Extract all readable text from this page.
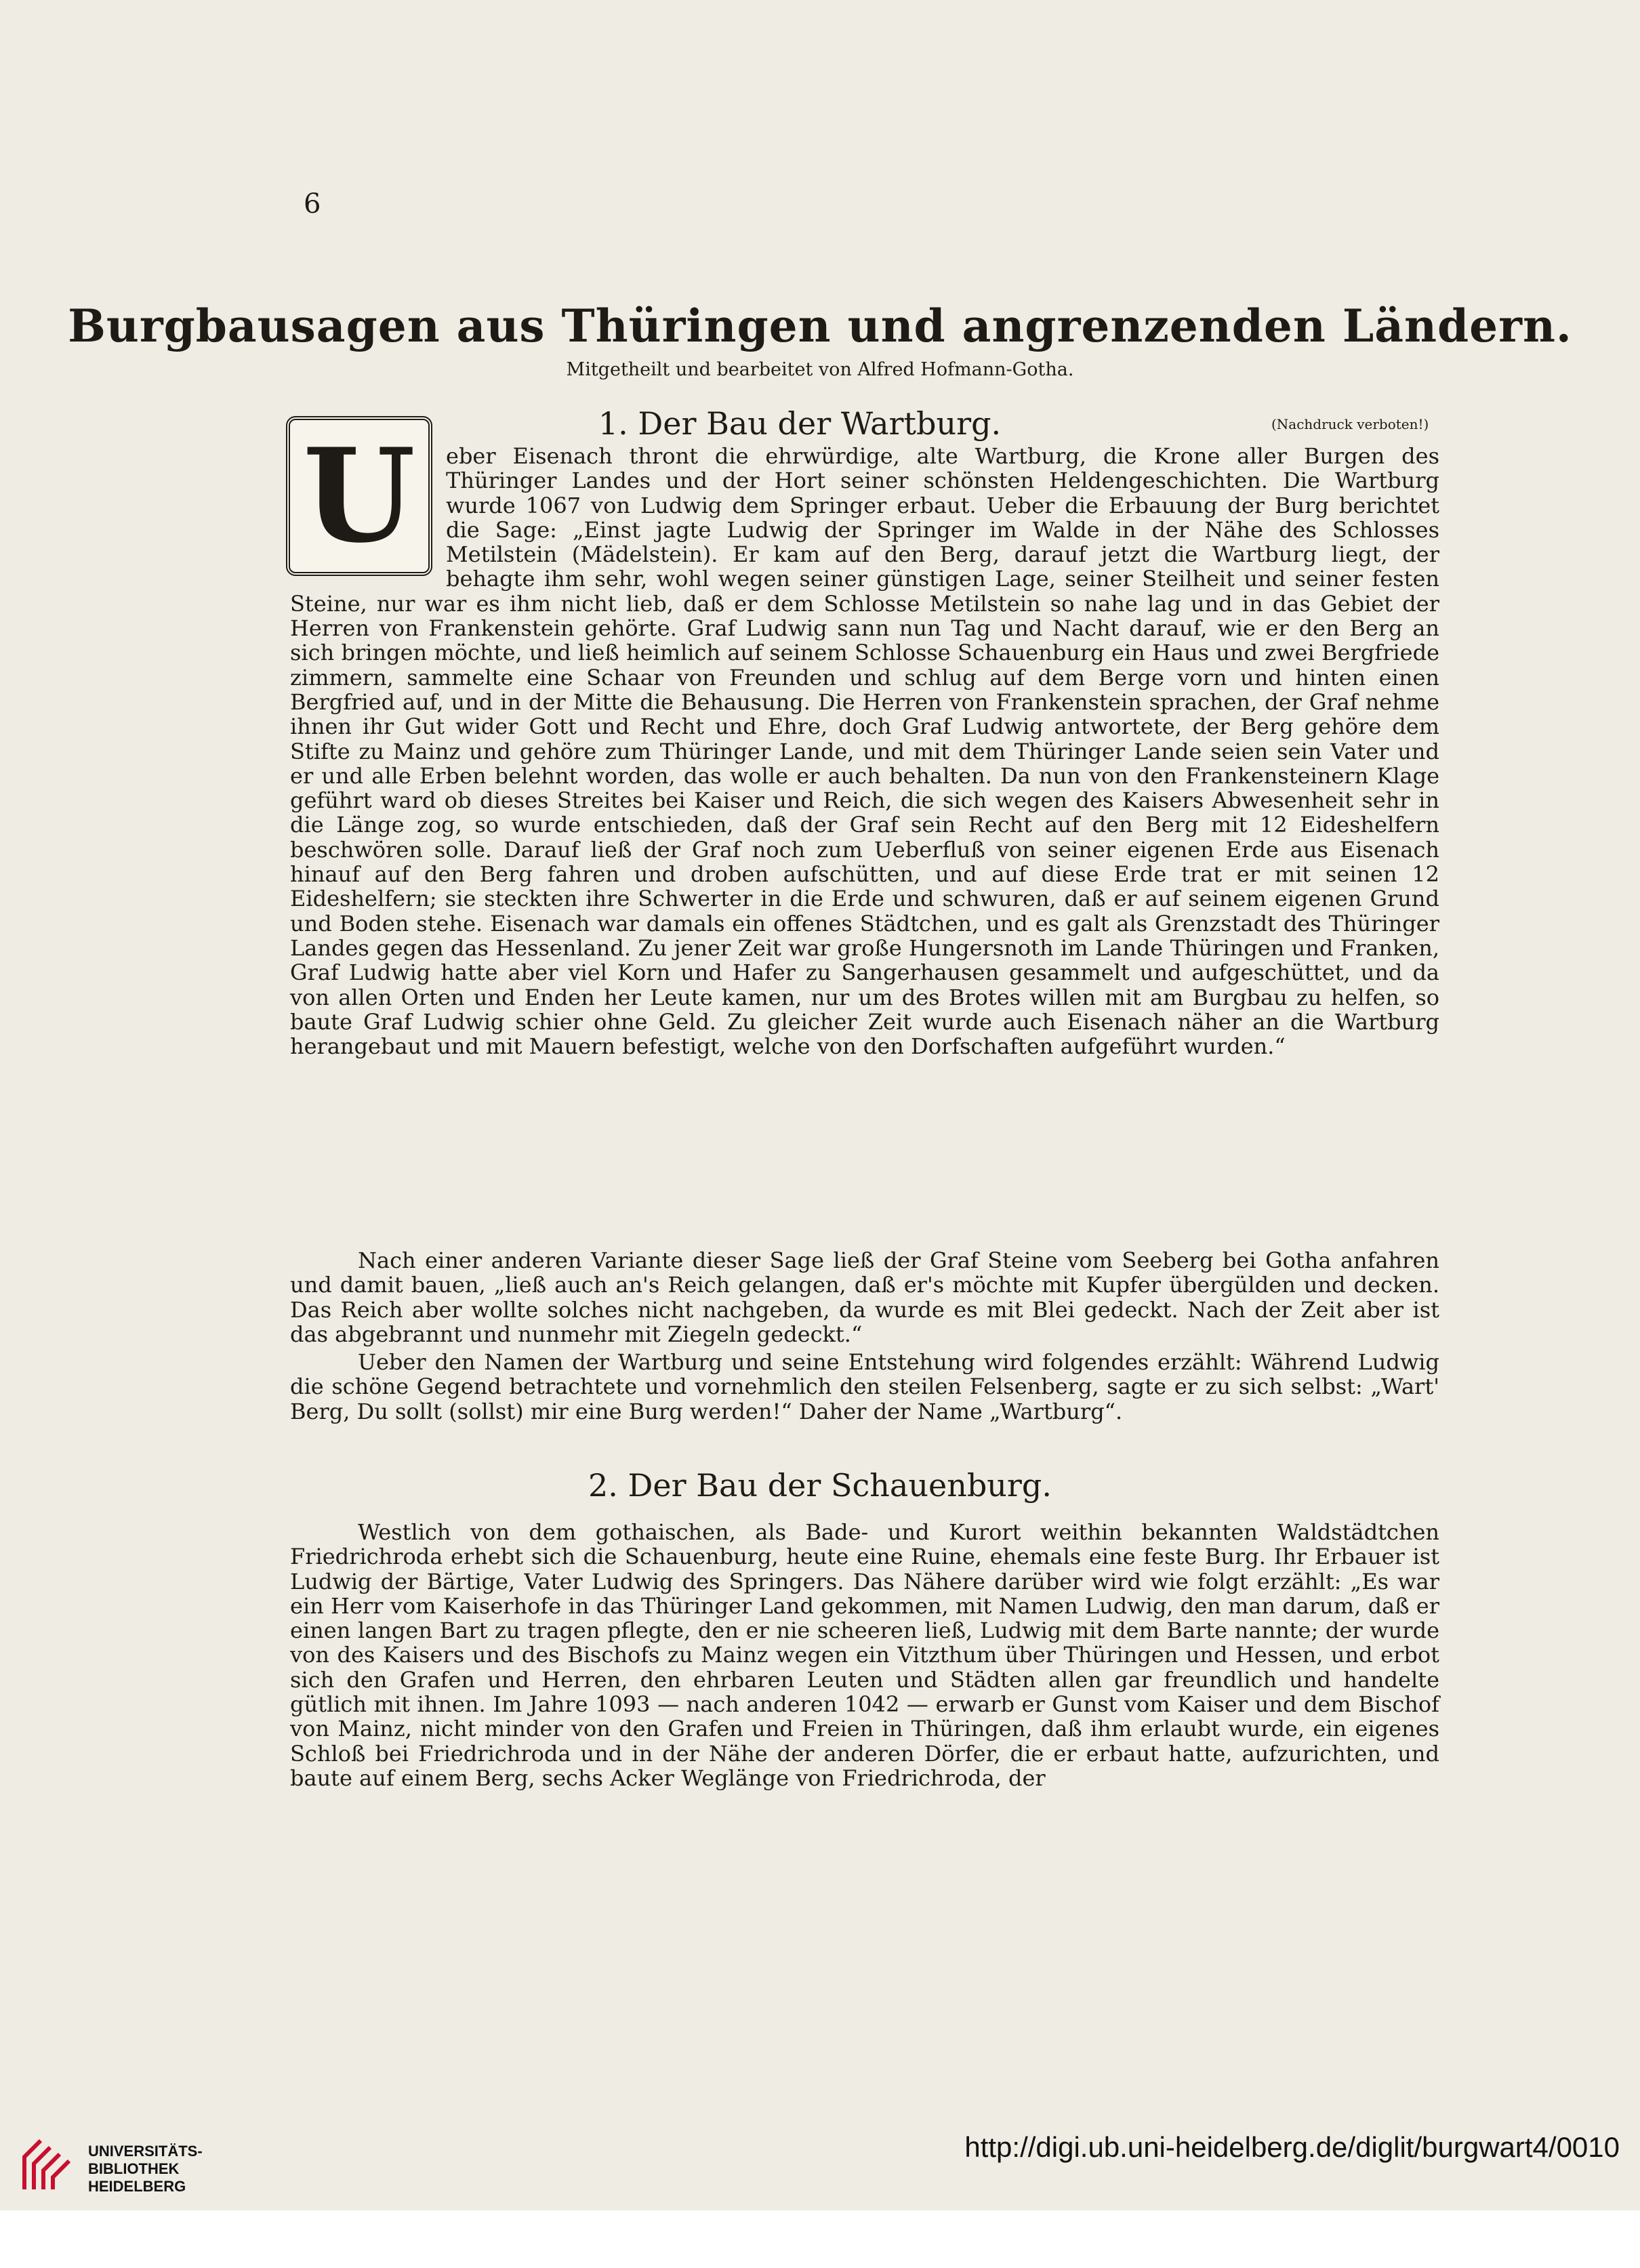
6
Burgbausagen aus Thüringen und angrenzenden Ländern.
Mitgetheilt und bearbeitet von Alfred Hofmann-Gotha.
1. Der Bau der Wartburg.	(Nachdruck verboten!)
U	eber Eisenach thront die ehrwürdige, alte Wartburg, die Krone aller Burgen des Thüringer Landes und der Hort seiner schönsten Heldengeschichten. Die Wartburg wurde 1067 von Ludwig dem Springer erbaut. Ueber die Erbauung der Burg berichtet die Sage: „Einst jagte Ludwig der Springer im Walde in der Nähe des Schlosses Metilstein (Mädelstein). Er kam auf den Berg, darauf jetzt die Wartburg liegt, der behagte ihm sehr, wohl wegen seiner günstigen Lage, seiner Steilheit und seiner festen Steine, nur war es ihm nicht lieb, daß er dem Schlosse Metilstein so nahe lag und in das Gebiet der Herren von Frankenstein gehörte. Graf Ludwig sann nun Tag und Nacht darauf, wie er den Berg an sich bringen möchte, und ließ heimlich auf seinem Schlosse Schauenburg ein Haus und zwei Bergfriede zimmern, sammelte eine Schaar von Freunden und schlug auf dem Berge vorn und hinten einen Bergfried auf, und in der Mitte die Behausung. Die Herren von Frankenstein sprachen, der Graf nehme ihnen ihr Gut wider Gott und Recht und Ehre, doch Graf Ludwig antwortete, der Berg gehöre dem Stifte zu Mainz und gehöre zum Thüringer Lande, und mit dem Thüringer Lande seien sein Vater und er und alle Erben belehnt worden, das wolle er auch behalten. Da nun von den Frankensteinern Klage geführt ward ob dieses Streites bei Kaiser und Reich, die sich wegen des Kaisers Abwesenheit sehr in die Länge zog, so wurde entschieden, daß der Graf sein Recht auf den Berg mit 12 Eideshelfern beschwören solle. Darauf ließ der Graf noch zum Ueberfluß von seiner eigenen Erde aus Eisenach hinauf auf den Berg fahren und droben aufschütten, und auf diese Erde trat er mit seinen 12 Eideshelfern; sie steckten ihre Schwerter in die Erde und schwuren, daß er auf seinem eigenen Grund und Boden stehe. Eisenach war damals ein offenes Städtchen, und es galt als Grenzstadt des Thüringer Landes gegen das Hessenland. Zu jener Zeit war große Hungersnoth im Lande Thüringen und Franken, Graf Ludwig hatte aber viel Korn und Hafer zu Sangerhausen gesammelt und aufgeschüttet, und da von allen Orten und Enden her Leute kamen, nur um des Brotes willen mit am Burgbau zu helfen, so baute Graf Ludwig schier ohne Geld. Zu gleicher Zeit wurde auch Eisenach näher an die Wartburg herangebaut und mit Mauern befestigt, welche von den Dorfschaften aufgeführt wurden.“
Nach einer anderen Variante dieser Sage ließ der Graf Steine vom Seeberg bei Gotha anfahren und damit bauen, „ließ auch an's Reich gelangen, daß er's möchte mit Kupfer übergülden und decken. Das Reich aber wollte solches nicht nachgeben, da wurde es mit Blei gedeckt. Nach der Zeit aber ist das abgebrannt und nunmehr mit Ziegeln gedeckt.“
Ueber den Namen der Wartburg und seine Entstehung wird folgendes erzählt: Während Ludwig die schöne Gegend betrachtete und vornehmlich den steilen Felsenberg, sagte er zu sich selbst: „Wart' Berg, Du sollt (sollst) mir eine Burg werden!“ Daher der Name „Wartburg“.
2. Der Bau der Schauenburg.
Westlich von dem gothaischen, als Bade- und Kurort weithin bekannten Waldstädtchen Friedrichroda erhebt sich die Schauenburg, heute eine Ruine, ehemals eine feste Burg. Ihr Erbauer ist Ludwig der Bärtige, Vater Ludwig des Springers. Das Nähere darüber wird wie folgt erzählt: „Es war ein Herr vom Kaiserhofe in das Thüringer Land gekommen, mit Namen Ludwig, den man darum, daß er einen langen Bart zu tragen pflegte, den er nie scheeren ließ, Ludwig mit dem Barte nannte; der wurde von des Kaisers und des Bischofs zu Mainz wegen ein Vitzthum über Thüringen und Hessen, und erbot sich den Grafen und Herren, den ehrbaren Leuten und Städten allen gar freundlich und handelte gütlich mit ihnen. Im Jahre 1093 — nach anderen 1042 — erwarb er Gunst vom Kaiser und dem Bischof von Mainz, nicht minder von den Grafen und Freien in Thüringen, daß ihm erlaubt wurde, ein eigenes Schloß bei Friedrichroda und in der Nähe der anderen Dörfer, die er erbaut hatte, aufzurichten, und baute auf einem Berg, sechs Acker Weglänge von Friedrichroda, der
UNIVERSITÄTS-
BIBLIOTHEK
HEIDELBERG
http://digi.ub.uni-heidelberg.de/diglit/burgwart4/0010
